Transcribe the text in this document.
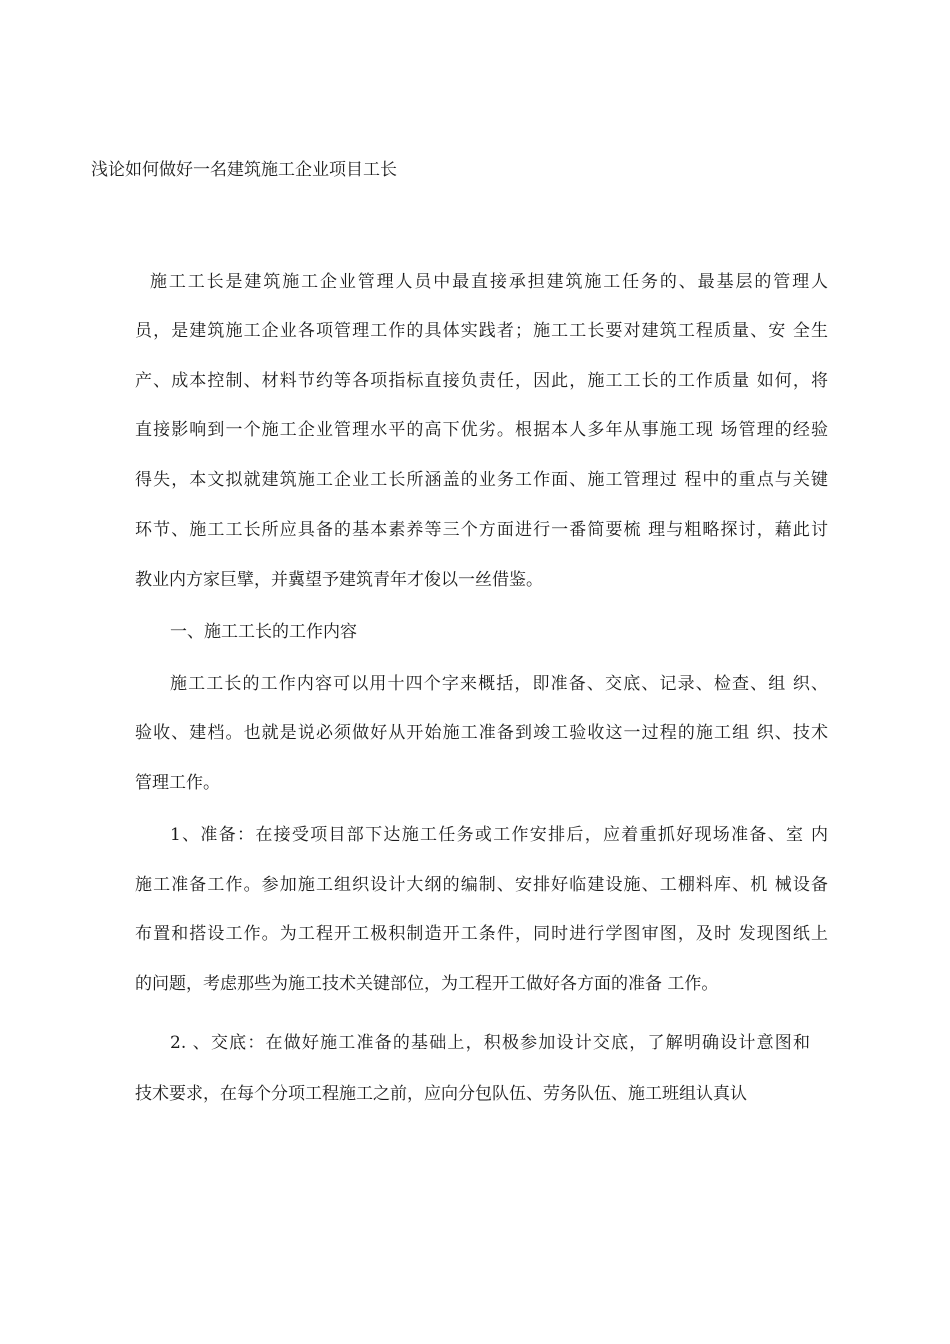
浅论如何做好一名建筑施工企业项目工长
施工工长是建筑施工企业管理人员中最直接承担建筑施工任务的、最基层的管理人
员，是建筑施工企业各项管理工作的具体实践者；施工工长要对建筑工程质量、安 全生
产、成本控制、材料节约等各项指标直接负责任，因此，施工工长的工作质量 如何，将
直接影响到一个施工企业管理水平的高下优劣。根据本人多年从事施工现 场管理的经验
得失，本文拟就建筑施工企业工长所涵盖的业务工作面、施工管理过 程中的重点与关键
环节、施工工长所应具备的基本素养等三个方面进行一番简要梳 理与粗略探讨，藉此讨
教业内方家巨擘，并冀望予建筑青年才俊以一丝借鉴。
一、施工工长的工作内容
施工工长的工作内容可以用十四个字来概括，即准备、交底、记录、检查、组 织、
验收、建档。也就是说必须做好从开始施工准备到竣工验收这一过程的施工组 织、技术
管理工作。
1、准备：在接受项目部下达施工任务或工作安排后，应着重抓好现场准备、室 内
施工准备工作。参加施工组织设计大纲的编制、安排好临建设施、工棚料库、机 械设备
布置和搭设工作。为工程开工极积制造开工条件，同时进行学图审图，及时 发现图纸上
的问题，考虑那些为施工技术关键部位，为工程开工做好各方面的准备 工作。
2. 、交底：在做好施工准备的基础上，积极参加设计交底，了解明确设计意图和
技术要求，在每个分项工程施工之前，应向分包队伍、劳务队伍、施工班组认真认
